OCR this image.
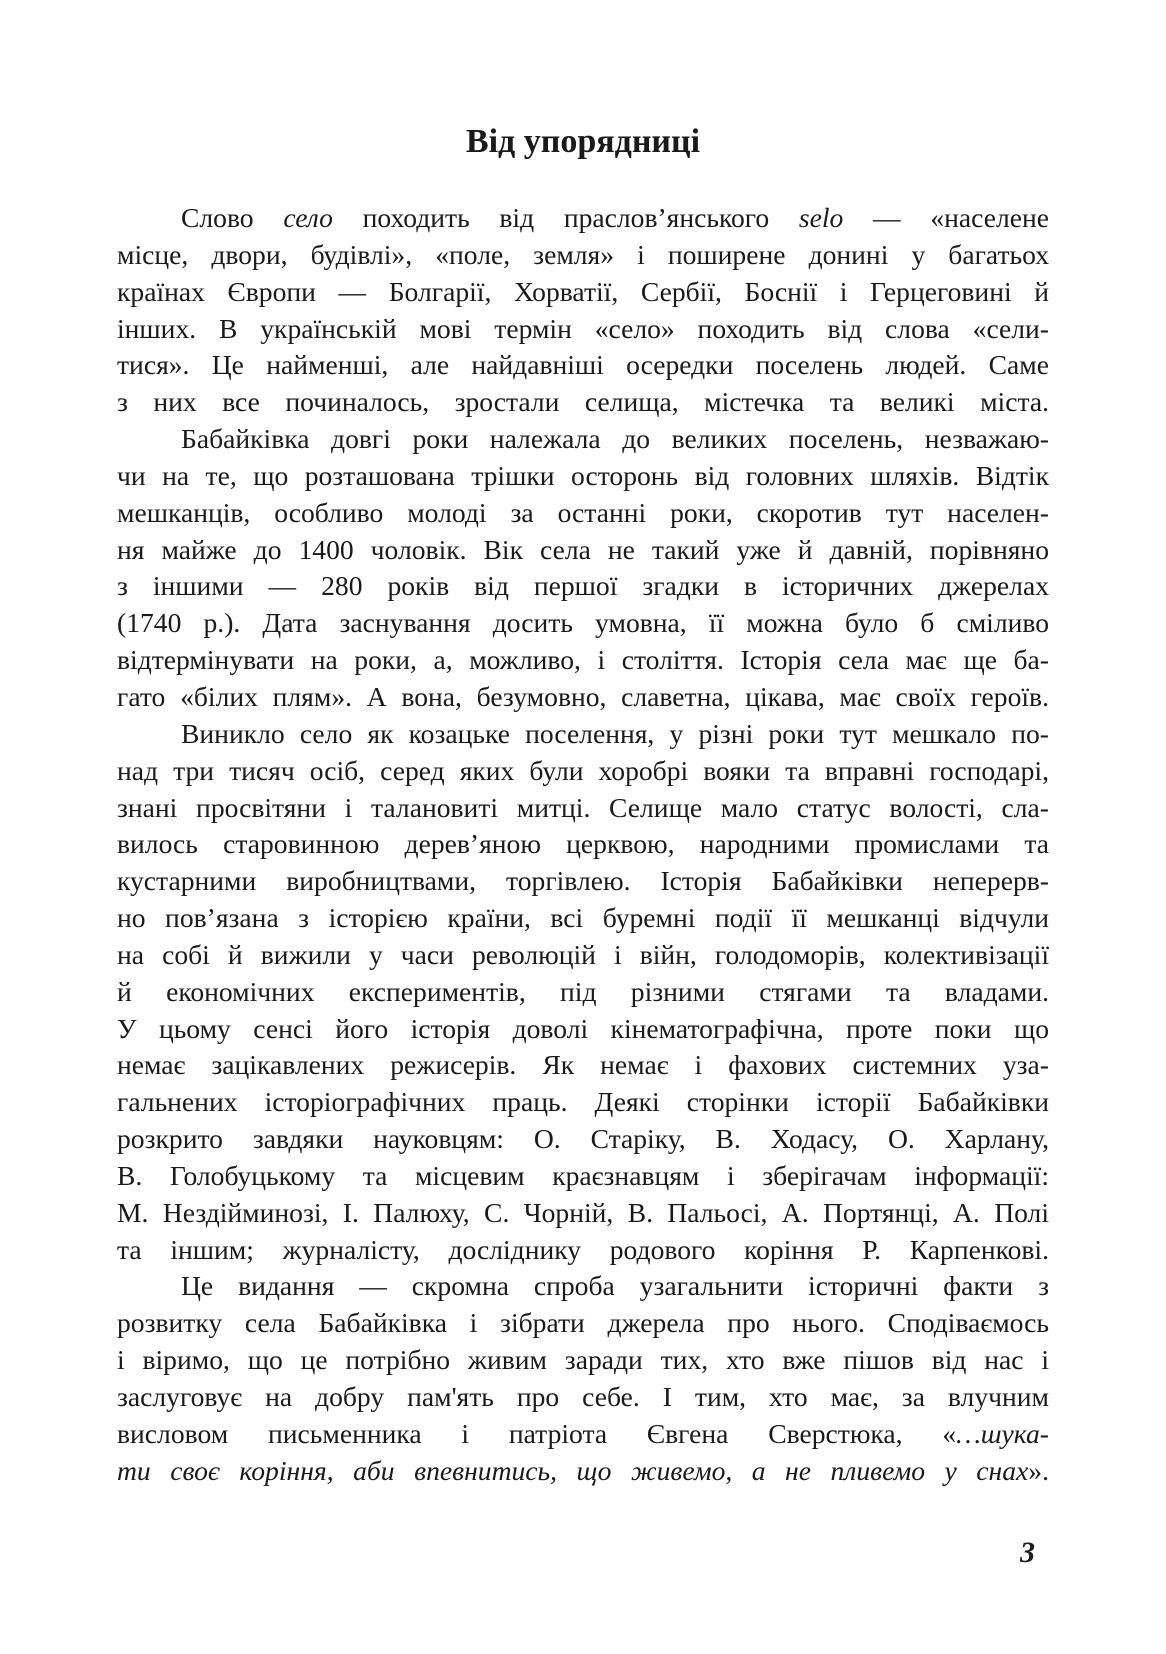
Від упорядниці
Слово село походить від праслов’янського selo — «населене
місце, двори, будівлі», «поле, земля» і поширене донині у багатьох
країнах Європи — Болгарії, Хорватії, Сербії, Боснії і Герцеговині й
інших. В українській мові термін «село» походить від слова «сели-
тися». Це найменші, але найдавніші осередки поселень людей. Саме
з них все починалось, зростали селища, містечка та великі міста.
Бабайківка довгі роки належала до великих поселень, незважаю-
чи на те, що розташована трішки осторонь від головних шляхів. Відтік
мешканців, особливо молоді за останні роки, скоротив тут населен-
ня майже до 1400 чоловік. Вік села не такий уже й давній, порівняно
з іншими — 280 років від першої згадки в історичних джерелах
(1740 р.). Дата заснування досить умовна, її можна було б сміливо
відтермінувати на роки, а, можливо, і століття. Історія села має ще ба-
гато «білих плям». А вона, безумовно, славетна, цікава, має своїх героїв.
Виникло село як козацьке поселення, у різні роки тут мешкало по-
над три тисяч осіб, серед яких були хоробрі вояки та вправні господарі,
знані просвітяни і талановиті митці. Селище мало статус волості, сла-
вилось старовинною дерев’яною церквою, народними промислами та
кустарними виробництвами, торгівлею. Історія Бабайківки неперерв-
но пов’язана з історією країни, всі буремні події її мешканці відчули
на собі й вижили у часи революцій і війн, голодоморів, колективізації
й економічних експериментів, під різними стягами та владами.
У цьому сенсі його історія доволі кінематографічна, проте поки що
немає зацікавлених режисерів. Як немає і фахових системних уза-
гальнених історіографічних праць. Деякі сторінки історії Бабайківки
розкрито завдяки науковцям: О. Старіку, В. Ходасу, О. Харлану,
В. Голобуцькому та місцевим краєзнавцям і зберігачам інформації:
М. Нездійминозі, І. Палюху, С. Чорній, В. Пальосі, А. Портянці, А. Полі
та іншим; журналісту, досліднику родового коріння Р. Карпенкові.
Це видання — скромна спроба узагальнити історичні факти з
розвитку села Бабайківка і зібрати джерела про нього. Сподіваємось
і віримо, що це потрібно живим заради тих, хто вже пішов від нас і
заслуговує на добру пам'ять про себе. І тим, хто має, за влучним
висловом письменника і патріота Євгена Сверстюка, «…шука-
ти своє коріння, аби впевнитись, що живемо, а не пливемо у снах».

3
